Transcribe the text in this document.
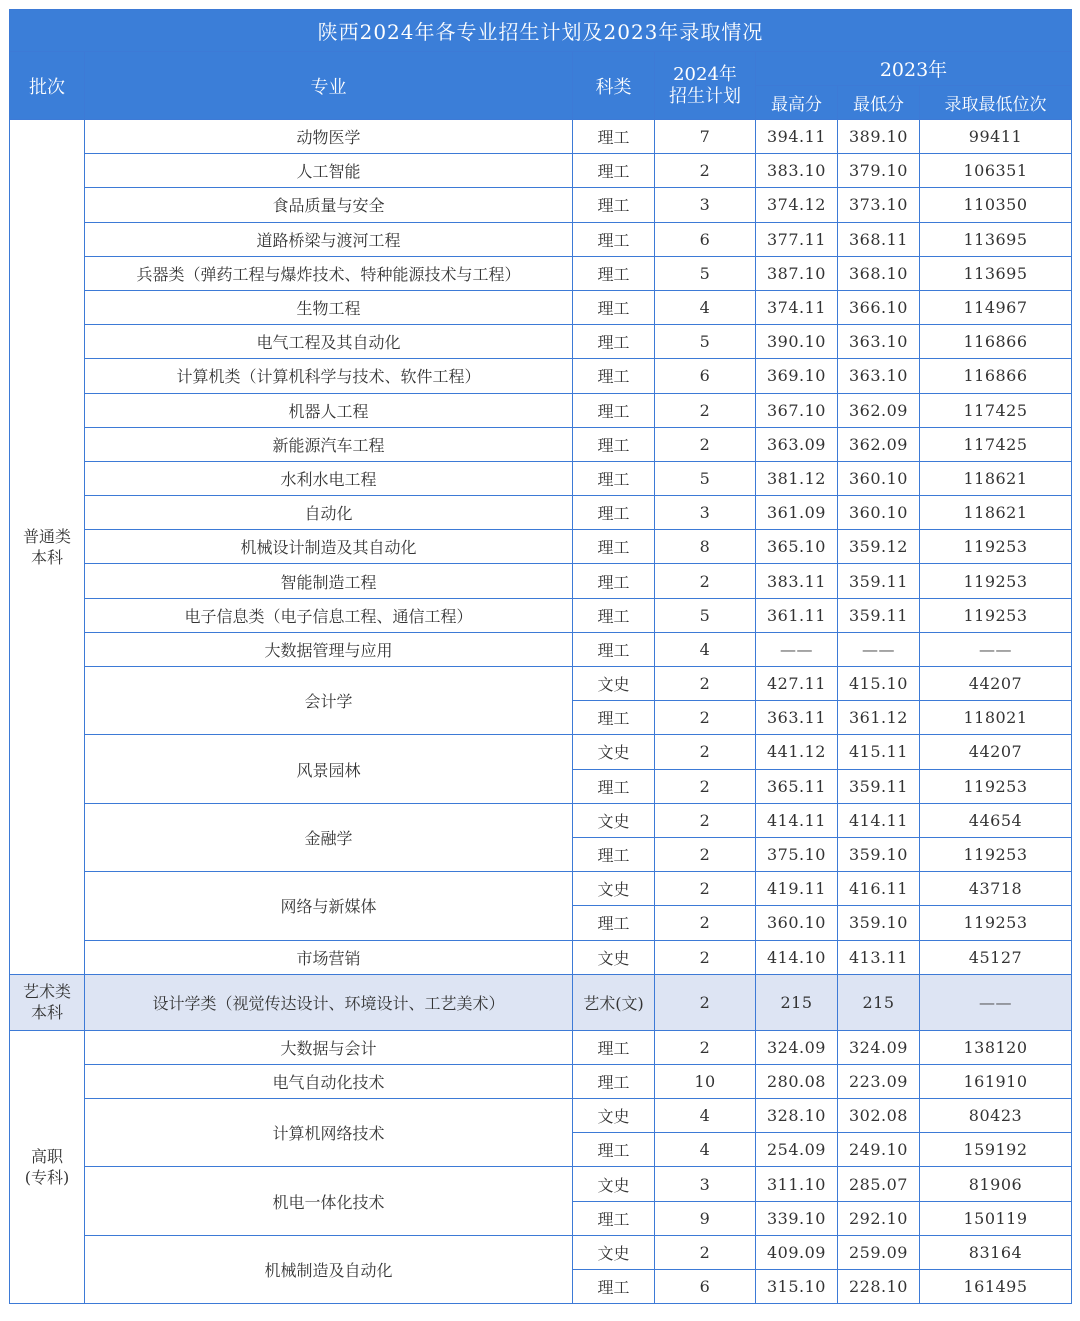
陕西2024年各专业招生计划及2023年录取情况						
批次	专业	科类	2024年
招生计划	2023年		
				最高分	最低分	录取最低位次

普通类
本科	动物医学	理工	7	394.11	389.10	99411
	人工智能	理工	2	383.10	379.10	106351
	食品质量与安全	理工	3	374.12	373.10	110350
	道路桥梁与渡河工程	理工	6	377.11	368.11	113695
	兵器类（弹药工程与爆炸技术、特种能源技术与工程）	理工	5	387.10	368.10	113695
	生物工程	理工	4	374.11	366.10	114967
	电气工程及其自动化	理工	5	390.10	363.10	116866
	计算机类（计算机科学与技术、软件工程）	理工	6	369.10	363.10	116866
	机器人工程	理工	2	367.10	362.09	117425
	新能源汽车工程	理工	2	363.09	362.09	117425
	水利水电工程	理工	5	381.12	360.10	118621
	自动化	理工	3	361.09	360.10	118621
	机械设计制造及其自动化	理工	8	365.10	359.12	119253
	智能制造工程	理工	2	383.11	359.11	119253
	电子信息类（电子信息工程、通信工程）	理工	5	361.11	359.11	119253
	大数据管理与应用	理工	4	——	——	——
	会计学	文史	2	427.11	415.10	44207
		理工	2	363.11	361.12	118021
	风景园林	文史	2	441.12	415.11	44207
		理工	2	365.11	359.11	119253
	金融学	文史	2	414.11	414.11	44654
		理工	2	375.10	359.10	119253
	网络与新媒体	文史	2	419.11	416.11	43718
		理工	2	360.10	359.10	119253
	市场营销	文史	2	414.10	413.11	45127

艺术类
本科	设计学类（视觉传达设计、环境设计、工艺美术）	艺术(文)	2	215	215	——

高职
(专科)	大数据与会计	理工	2	324.09	324.09	138120
	电气自动化技术	理工	10	280.08	223.09	161910
	计算机网络技术	文史	4	328.10	302.08	80423
		理工	4	254.09	249.10	159192
	机电一体化技术	文史	3	311.10	285.07	81906
		理工	9	339.10	292.10	150119
	机械制造及自动化	文史	2	409.09	259.09	83164
		理工	6	315.10	228.10	161495
